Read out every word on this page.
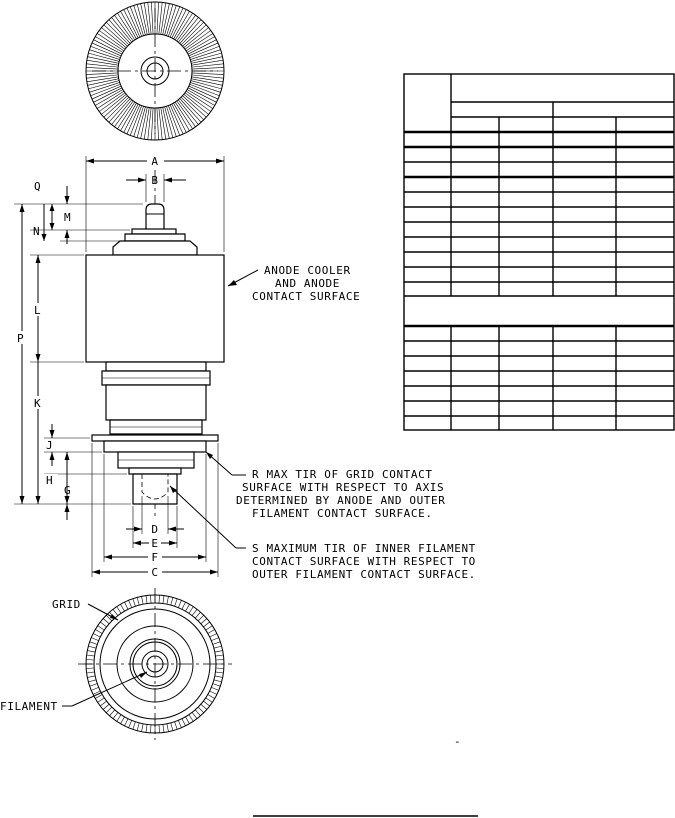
A
B
Q
M
N
L
P
K
J
H
G
D
E
F
C
ANODE COOLER
AND ANODE
CONTACT SURFACE
R MAX TIR OF GRID CONTACT
SURFACE WITH RESPECT TO AXIS
DETERMINED BY ANODE AND OUTER
FILAMENT CONTACT SURFACE.
S MAXIMUM TIR OF INNER FILAMENT
CONTACT SURFACE WITH RESPECT TO
OUTER FILAMENT CONTACT SURFACE.
GRID
FILAMENT
-
